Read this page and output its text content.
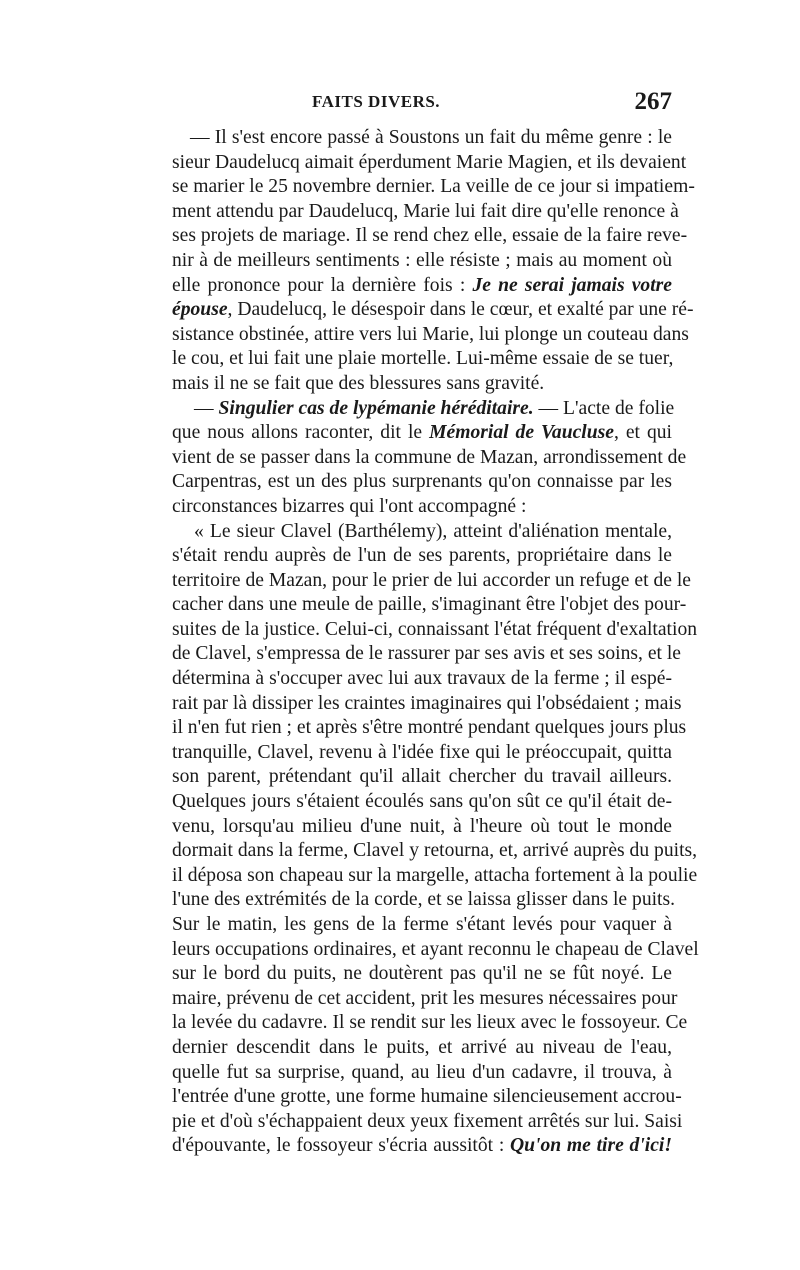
FAITS DIVERS.	267
— Il s'est encore passé à Soustons un fait du même genre : le
sieur Daudelucq aimait éperdument Marie Magien, et ils devaient
se marier le 25 novembre dernier. La veille de ce jour si impatiem-
ment attendu par Daudelucq, Marie lui fait dire qu'elle renonce à
ses projets de mariage. Il se rend chez elle, essaie de la faire reve-
nir à de meilleurs sentiments : elle résiste ; mais au moment où
elle prononce pour la dernière fois : Je ne serai jamais votre
épouse, Daudelucq, le désespoir dans le cœur, et exalté par une ré-
sistance obstinée, attire vers lui Marie, lui plonge un couteau dans
le cou, et lui fait une plaie mortelle. Lui-même essaie de se tuer,
mais il ne se fait que des blessures sans gravité.
— Singulier cas de lypémanie héréditaire. — L'acte de folie
que nous allons raconter, dit le Mémorial de Vaucluse, et qui
vient de se passer dans la commune de Mazan, arrondissement de
Carpentras, est un des plus surprenants qu'on connaisse par les
circonstances bizarres qui l'ont accompagné :
« Le sieur Clavel (Barthélemy), atteint d'aliénation mentale,
s'était rendu auprès de l'un de ses parents, propriétaire dans le
territoire de Mazan, pour le prier de lui accorder un refuge et de le
cacher dans une meule de paille, s'imaginant être l'objet des pour-
suites de la justice. Celui-ci, connaissant l'état fréquent d'exaltation
de Clavel, s'empressa de le rassurer par ses avis et ses soins, et le
détermina à s'occuper avec lui aux travaux de la ferme ; il espé-
rait par là dissiper les craintes imaginaires qui l'obsédaient ; mais
il n'en fut rien ; et après s'être montré pendant quelques jours plus
tranquille, Clavel, revenu à l'idée fixe qui le préoccupait, quitta
son parent, prétendant qu'il allait chercher du travail ailleurs.
Quelques jours s'étaient écoulés sans qu'on sût ce qu'il était de-
venu, lorsqu'au milieu d'une nuit, à l'heure où tout le monde
dormait dans la ferme, Clavel y retourna, et, arrivé auprès du puits,
il déposa son chapeau sur la margelle, attacha fortement à la poulie
l'une des extrémités de la corde, et se laissa glisser dans le puits.
Sur le matin, les gens de la ferme s'étant levés pour vaquer à
leurs occupations ordinaires, et ayant reconnu le chapeau de Clavel
sur le bord du puits, ne doutèrent pas qu'il ne se fût noyé. Le
maire, prévenu de cet accident, prit les mesures nécessaires pour
la levée du cadavre. Il se rendit sur les lieux avec le fossoyeur. Ce
dernier descendit dans le puits, et arrivé au niveau de l'eau,
quelle fut sa surprise, quand, au lieu d'un cadavre, il trouva, à
l'entrée d'une grotte, une forme humaine silencieusement accrou-
pie et d'où s'échappaient deux yeux fixement arrêtés sur lui. Saisi
d'épouvante, le fossoyeur s'écria aussitôt : Qu'on me tire d'ici!
